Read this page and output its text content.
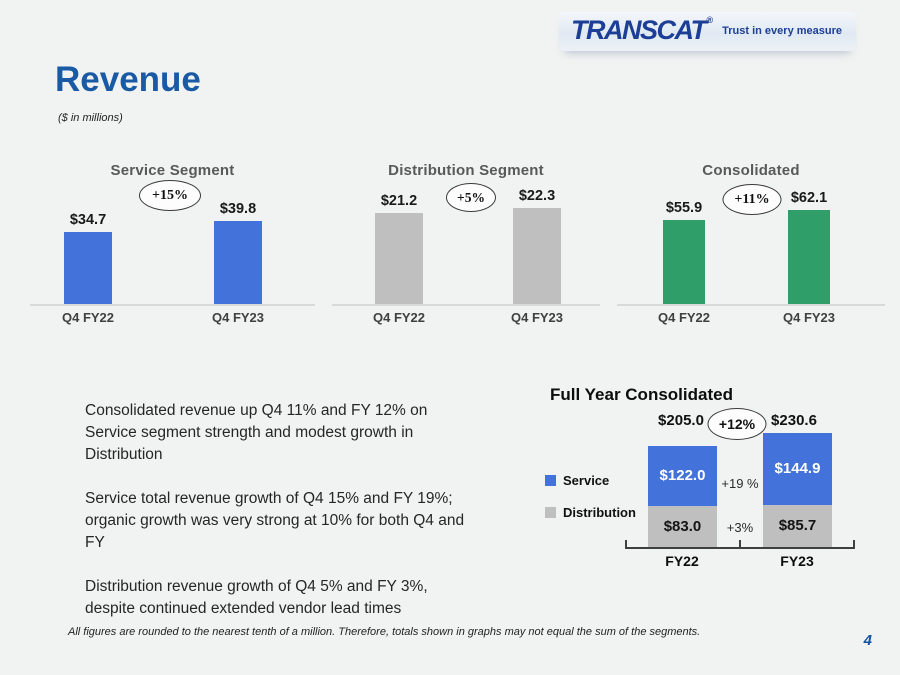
TRANSCAT ®
Trust in every measure
Revenue
($ in millions)
Service Segment
+15%
$34.7
$39.8
Q4 FY22	Q4 FY23
Distribution Segment
+5%
$21.2	$22.3
Q4 FY22	Q4 FY23
Consolidated
+11%
$55.9
$62.1
Q4 FY22	Q4 FY23

Consolidated revenue up Q4 11% and FY 12% on Service segment strength and modest growth in Distribution

Service total revenue growth of Q4 15% and FY 19%; organic growth was very strong at 10% for both Q4 and FY

Distribution revenue growth of Q4 5% and FY 3%, despite continued extended vendor lead times

Full Year Consolidated
$205.0	+12%	$230.6
Service
Distribution
$122.0
$83.0
$144.9
$85.7
+19 %
+3%
FY22	FY23
All figures are rounded to the nearest tenth of a million. Therefore, totals shown in graphs may not equal the sum of the segments.	4
